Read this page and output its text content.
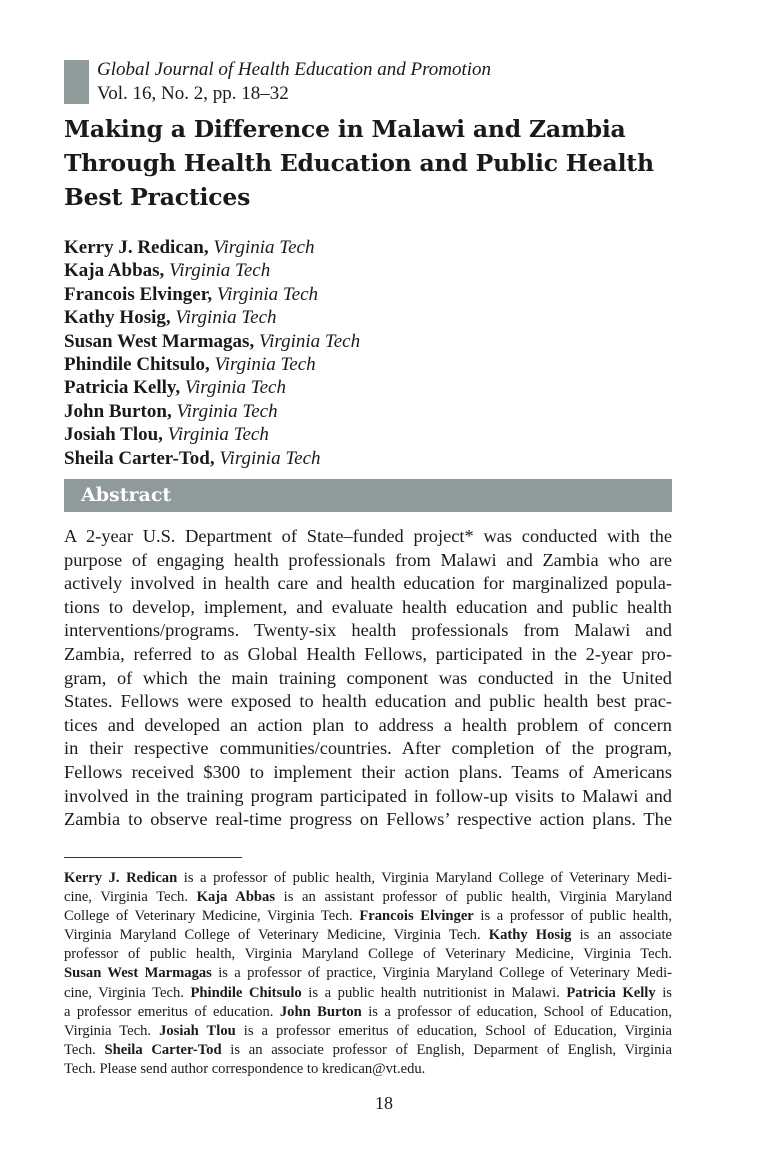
Global Journal of Health Education and Promotion
Vol. 16, No. 2, pp. 18–32
Making a Difference in Malawi and Zambia
Through Health Education and Public Health
Best Practices
Kerry J. Redican, Virginia Tech
Kaja Abbas, Virginia Tech
Francois Elvinger, Virginia Tech
Kathy Hosig, Virginia Tech
Susan West Marmagas, Virginia Tech
Phindile Chitsulo, Virginia Tech
Patricia Kelly, Virginia Tech
John Burton, Virginia Tech
Josiah Tlou, Virginia Tech
Sheila Carter-Tod, Virginia Tech
Abstract
A 2-year U.S. Department of State–funded project* was conducted with the
purpose of engaging health professionals from Malawi and Zambia who are
actively involved in health care and health education for marginalized popula-
tions to develop, implement, and evaluate health education and public health
interventions/programs. Twenty-six health professionals from Malawi and
Zambia, referred to as Global Health Fellows, participated in the 2-year pro-
gram, of which the main training component was conducted in the United
States. Fellows were exposed to health education and public health best prac-
tices and developed an action plan to address a health problem of concern
in their respective communities/countries. After completion of the program,
Fellows received $300 to implement their action plans. Teams of Americans
involved in the training program participated in follow-up visits to Malawi and
Zambia to observe real-time progress on Fellows’ respective action plans. The
Kerry J. Redican is a professor of public health, Virginia Maryland College of Veterinary Medi-
cine, Virginia Tech. Kaja Abbas is an assistant professor of public health, Virginia Maryland
College of Veterinary Medicine, Virginia Tech. Francois Elvinger is a professor of public health,
Virginia Maryland College of Veterinary Medicine, Virginia Tech. Kathy Hosig is an associate
professor of public health, Virginia Maryland College of Veterinary Medicine, Virginia Tech.
Susan West Marmagas is a professor of practice, Virginia Maryland College of Veterinary Medi-
cine, Virginia Tech. Phindile Chitsulo is a public health nutritionist in Malawi. Patricia Kelly is
a professor emeritus of education. John Burton is a professor of education, School of Education,
Virginia Tech. Josiah Tlou is a professor emeritus of education, School of Education, Virginia
Tech. Sheila Carter-Tod is an associate professor of English, Deparment of English, Virginia
Tech. Please send author correspondence to kredican@vt.edu.
18
